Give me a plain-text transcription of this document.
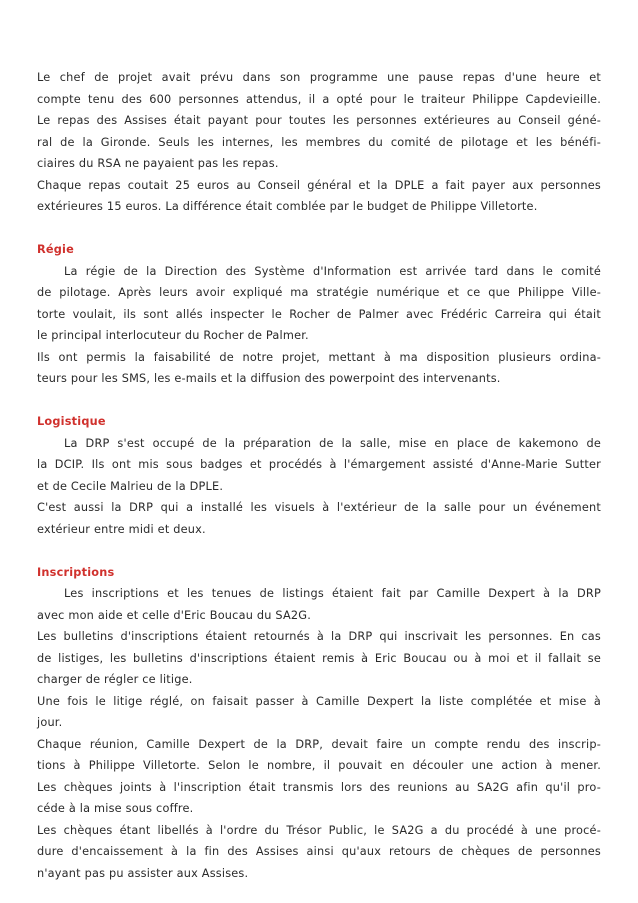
Le chef de projet avait prévu dans son programme une pause repas d'une heure et
compte tenu des 600 personnes attendus, il a opté pour le traiteur Philippe Capdevieille.
Le repas des Assises était payant pour toutes les personnes extérieures au Conseil géné-
ral de la Gironde. Seuls les internes, les membres du comité de pilotage et les bénéfi-
ciaires du RSA ne payaient pas les repas.
Chaque repas coutait 25 euros au Conseil général et la DPLE a fait payer aux personnes
extérieures 15 euros. La différence était comblée par le budget de Philippe Villetorte.
Régie
La régie de la Direction des Système d'Information est arrivée tard dans le comité
de pilotage. Après leurs avoir expliqué ma stratégie numérique et ce que Philippe Ville-
torte voulait, ils sont allés inspecter le Rocher de Palmer avec Frédéric Carreira qui était
le principal interlocuteur du Rocher de Palmer.
Ils ont permis la faisabilité de notre projet, mettant à ma disposition plusieurs ordina-
teurs pour les SMS, les e-mails et la diffusion des powerpoint des intervenants.
Logistique
La DRP s'est occupé de la préparation de la salle, mise en place de kakemono de
la DCIP. Ils ont mis sous badges et procédés à l'émargement assisté d'Anne-Marie Sutter
et de Cecile Malrieu de la DPLE.
C'est aussi la DRP qui a installé les visuels à l'extérieur de la salle pour un événement
extérieur entre midi et deux.
Inscriptions
Les inscriptions et les tenues de listings étaient fait par Camille Dexpert à la DRP
avec mon aide et celle d'Eric Boucau du SA2G.
Les bulletins d'inscriptions étaient retournés à la DRP qui inscrivait les personnes. En cas
de listiges, les bulletins d'inscriptions étaient remis à Eric Boucau ou à moi et il fallait se
charger de régler ce litige.
Une fois le litige réglé, on faisait passer à Camille Dexpert la liste complétée et mise à
jour.
Chaque réunion, Camille Dexpert de la DRP, devait faire un compte rendu des inscrip-
tions à Philippe Villetorte. Selon le nombre, il pouvait en découler une action à mener.
Les chèques joints à l'inscription était transmis lors des reunions au SA2G afin qu'il pro-
céde à la mise sous coffre.
Les chèques étant libellés à l'ordre du Trésor Public, le SA2G a du procédé à une procé-
dure d'encaissement à la fin des Assises ainsi qu'aux retours de chèques de personnes
n'ayant pas pu assister aux Assises.
